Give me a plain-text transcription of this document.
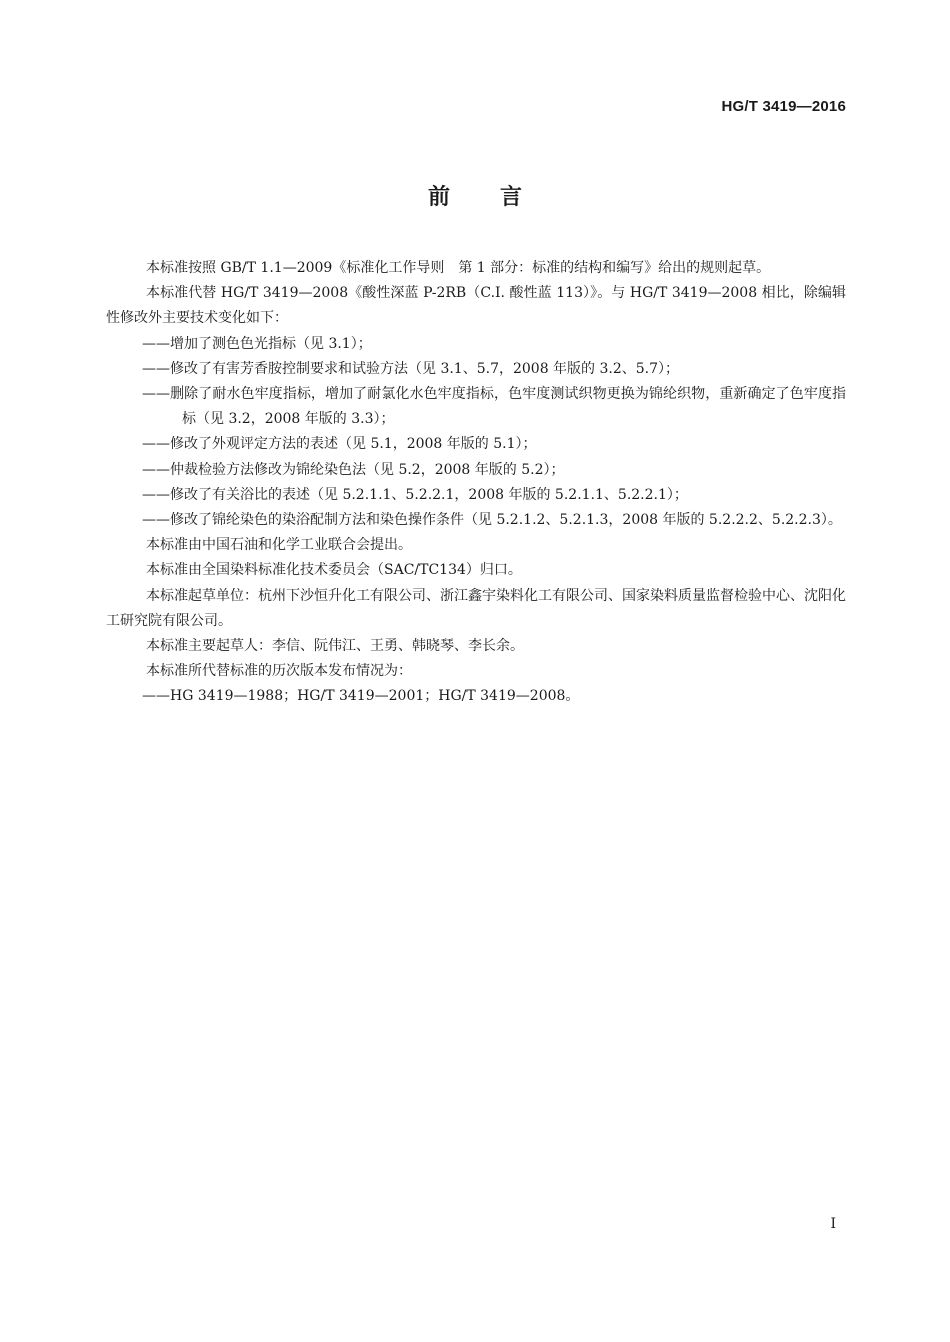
HG/T 3419—2016
前言

本标准按照 GB/T 1.1—2009《标准化工作导则　第 1 部分：标准的结构和编写》给出的规则起草。

本标准代替 HG/T 3419—2008《酸性深蓝 P-2RB（C.I. 酸性蓝 113）》。与 HG/T 3419—2008 相比，除编辑性修改外主要技术变化如下：

——增加了测色色光指标（见 3.1）；

——修改了有害芳香胺控制要求和试验方法（见 3.1、5.7，2008 年版的 3.2、5.7）；

——删除了耐水色牢度指标，增加了耐氯化水色牢度指标，色牢度测试织物更换为锦纶织物，重新确定了色牢度指标（见 3.2，2008 年版的 3.3）；

——修改了外观评定方法的表述（见 5.1，2008 年版的 5.1）；

——仲裁检验方法修改为锦纶染色法（见 5.2，2008 年版的 5.2）；

——修改了有关浴比的表述（见 5.2.1.1、5.2.2.1，2008 年版的 5.2.1.1、5.2.2.1）；

——修改了锦纶染色的染浴配制方法和染色操作条件（见 5.2.1.2、5.2.1.3，2008 年版的 5.2.2.2、5.2.2.3）。

本标准由中国石油和化学工业联合会提出。

本标准由全国染料标准化技术委员会（SAC/TC134）归口。

本标准起草单位：杭州下沙恒升化工有限公司、浙江鑫宇染料化工有限公司、国家染料质量监督检验中心、沈阳化工研究院有限公司。

本标准主要起草人：李信、阮伟江、王勇、韩晓琴、李长余。

本标准所代替标准的历次版本发布情况为：

——HG 3419—1988；HG/T 3419—2001；HG/T 3419—2008。

I
